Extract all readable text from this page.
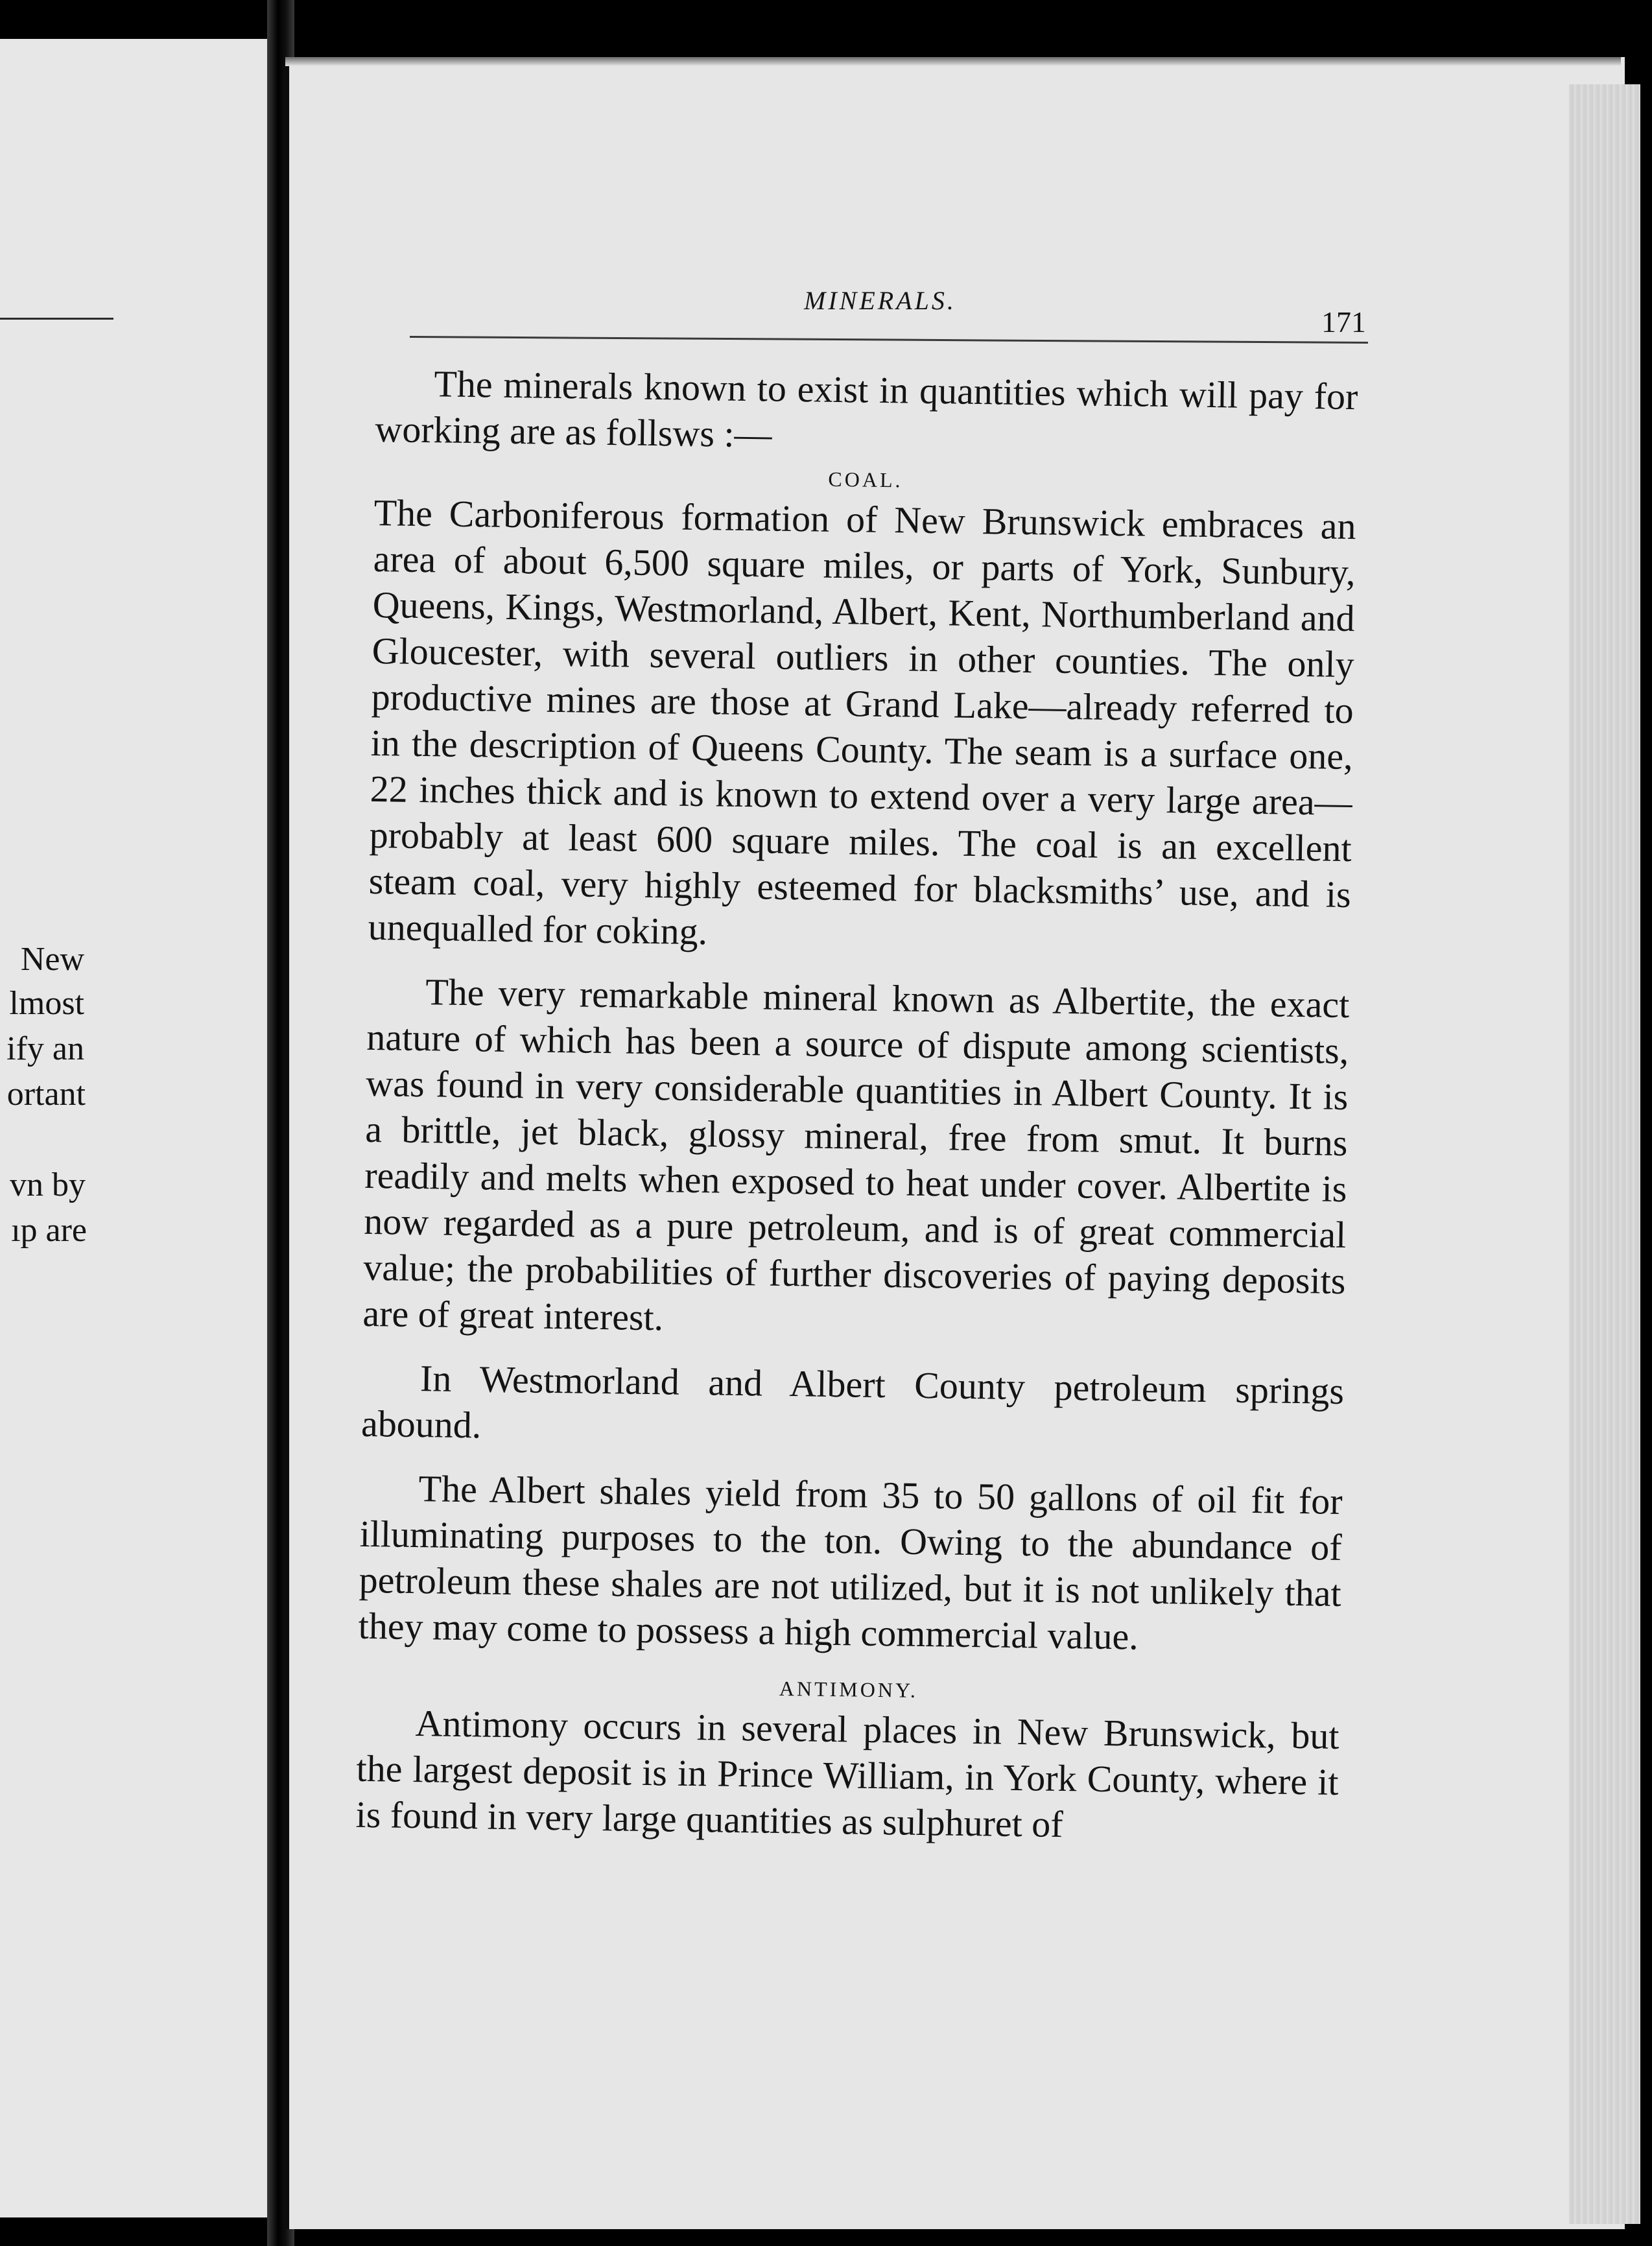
New
lmost
ify an
ortant
vn by
ıp are
MINERALS.
171

The minerals known to exist in quantities which will pay for working are as follsws :—

COAL.

The Carboniferous formation of New Brunswick embraces an area of about 6,500 square miles, or parts of York, Sunbury, Queens, Kings, Westmorland, Albert, Kent, Northumberland and Gloucester, with several outliers in other counties. The only productive mines are those at Grand Lake—already referred to in the description of Queens County. The seam is a surface one, 22 inches thick and is known to extend over a very large area—probably at least 600 square miles. The coal is an excellent steam coal, very highly esteemed for blacksmiths’ use, and is unequalled for coking.

The very remarkable mineral known as Albertite, the exact nature of which has been a source of dispute among scientists, was found in very considerable quantities in Albert County. It is a brittle, jet black, glossy mineral, free from smut. It burns readily and melts when exposed to heat under cover. Albertite is now regarded as a pure petroleum, and is of great commercial value; the probabilities of further discoveries of paying deposits are of great interest.

In Westmorland and Albert County petroleum springs abound.

The Albert shales yield from 35 to 50 gallons of oil fit for illuminating purposes to the ton. Owing to the abundance of petroleum these shales are not utilized, but it is not unlikely that they may come to possess a high commercial value.

ANTIMONY.

Antimony occurs in several places in New Brunswick, but the largest deposit is in Prince William, in York County, where it is found in very large quantities as sulphuret of
